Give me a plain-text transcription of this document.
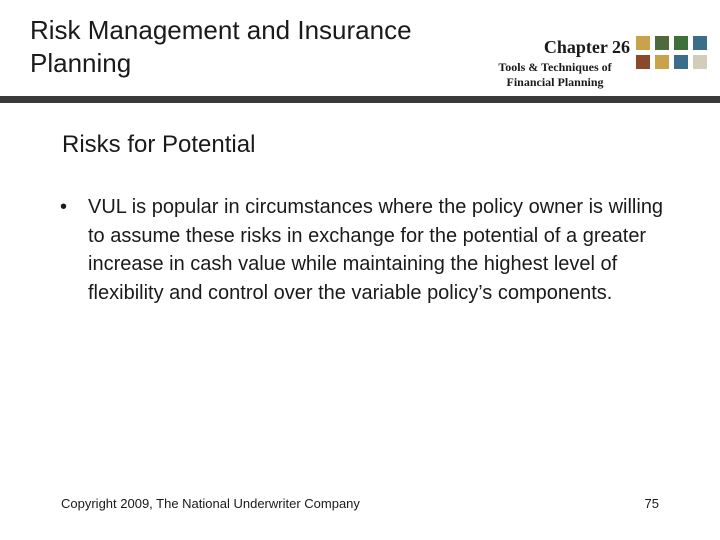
Risk Management and Insurance Planning
Chapter 26
Tools & Techniques of Financial Planning
Risks for Potential
•	VUL is popular in circumstances where the policy owner is willing to assume these risks in exchange for the potential of a greater increase in cash value while maintaining the highest level of flexibility and control over the variable policy’s components.
Copyright 2009, The National Underwriter Company	75
